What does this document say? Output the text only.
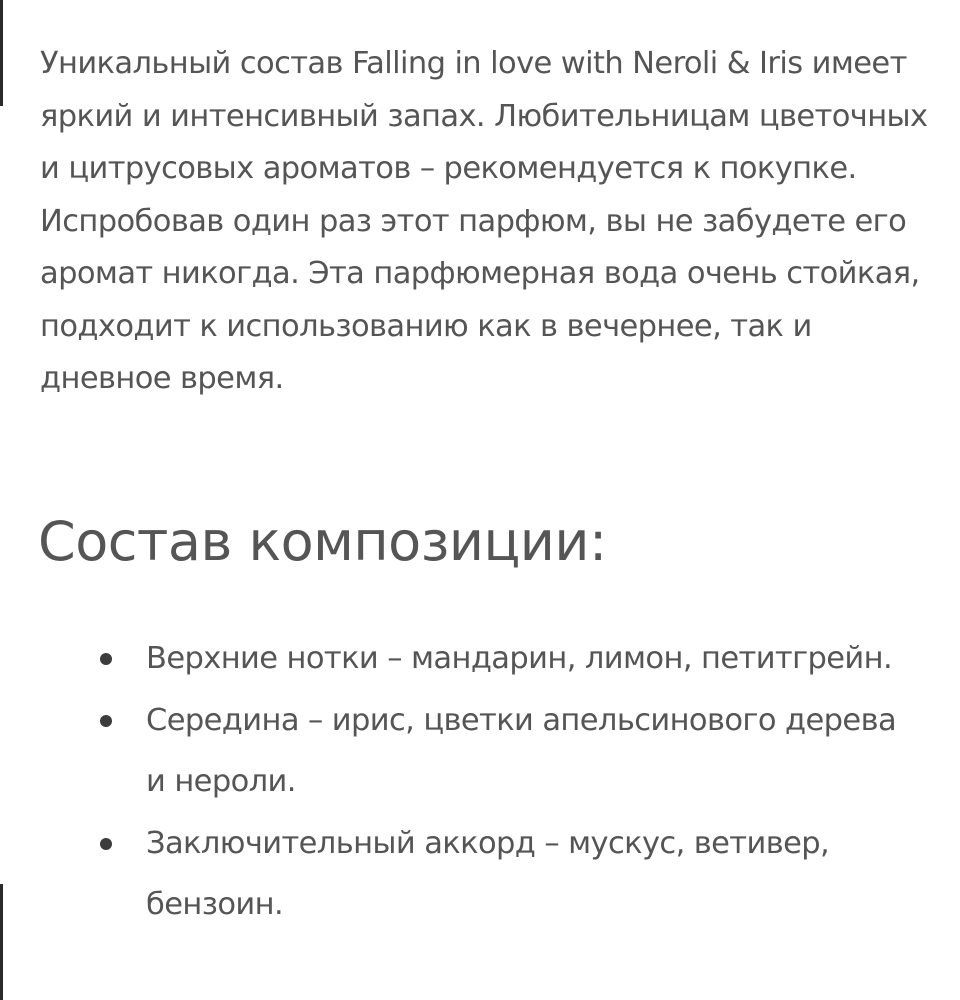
Уникальный состав Falling in love with Neroli & Iris имеет яркий и интенсивный запах. Любительницам цветочных и цитрусовых ароматов – рекомендуется к покупке. Испробовав один раз этот парфюм, вы не забудете его аромат никогда. Эта парфюмерная вода очень стойкая, подходит к использованию как в вечернее, так и дневное время.

Состав композиции:
Верхние нотки – мандарин, лимон, петитгрейн.
Середина – ирис, цветки апельсинового дерева и нероли.
Заключительный аккорд – мускус, ветивер, бензоин.
